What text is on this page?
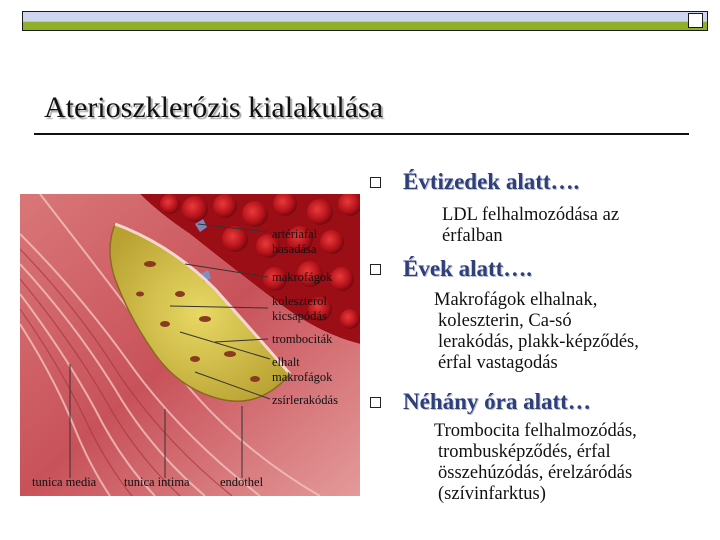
Aterioszklerózis kialakulása
artériafal
hasadása
makrofágok
koleszterol
kicsapódás
trombociták
elhalt
makrofágok
zsírlerakódás
tunica media tunica intima endothel
Évtizedek alatt….
LDL felhalmozódása az
érfalban
Évek alatt….
Makrofágok elhalnak,
koleszterin, Ca-só
lerakódás, plakk-képződés,
érfal vastagodás
Néhány óra alatt…
Trombocita felhalmozódás,
trombusképződés, érfal
összehúzódás, érelzáródás
(szívinfarktus)
